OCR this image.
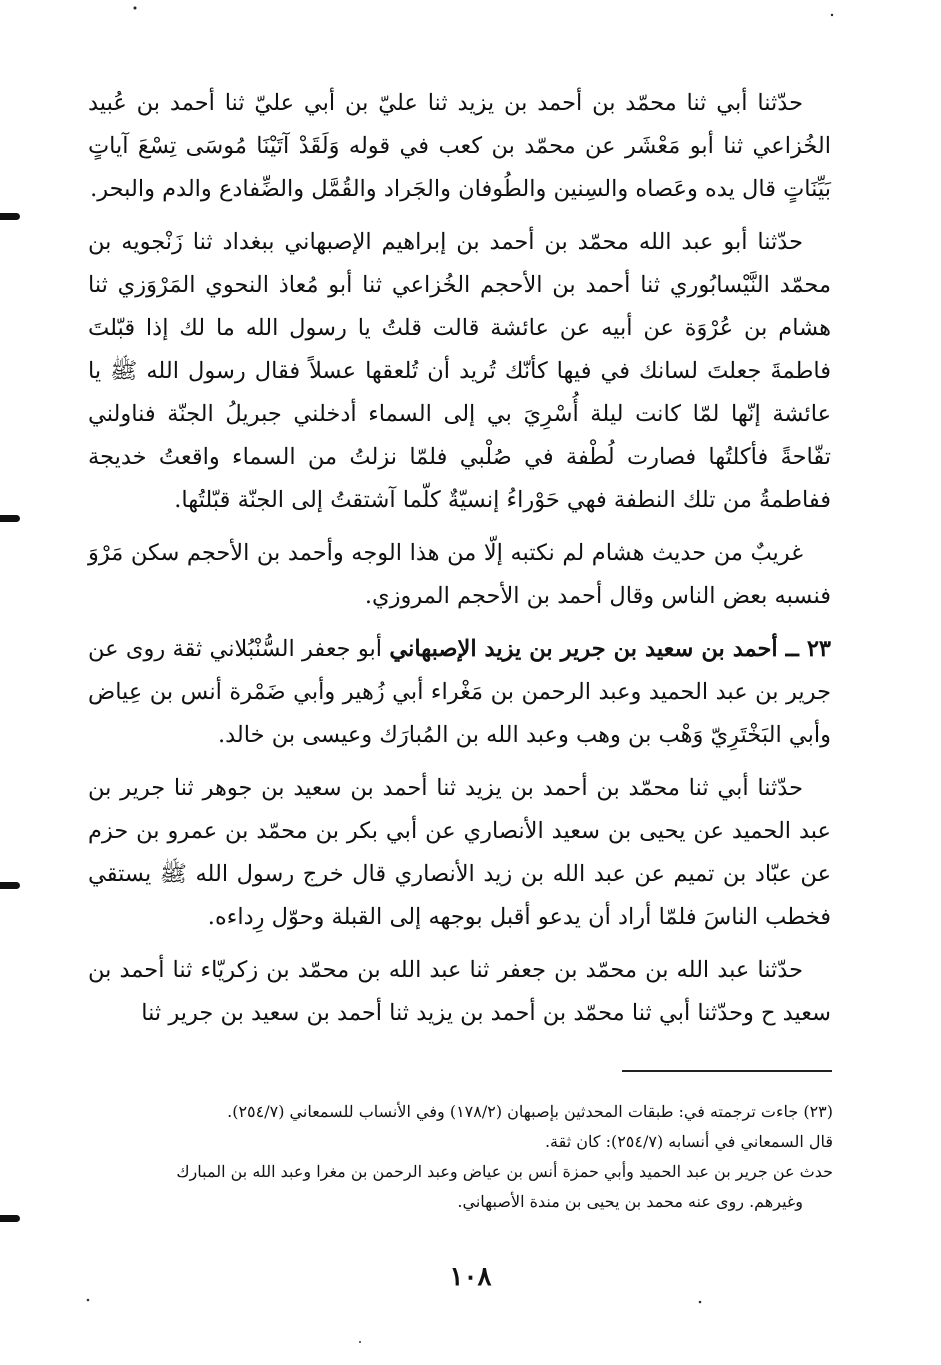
حدّثنا أبي ثنا محمّد بن أحمد بن يزيد ثنا عليّ بن أبي عليّ ثنا أحمد بن عُبيد الخُزاعي ثنا أبو مَعْشَر عن محمّد بن كعب في قوله وَلَقَدْ آتَيْنَا مُوسَى تِسْعَ آياتٍ بَيِّنَاتٍ قال يده وعَصاه والسِنين والطُوفان والجَراد والقُمَّل والضِّفادع والدم والبحر.

حدّثنا أبو عبد الله محمّد بن أحمد بن إبراهيم الإصبهاني ببغداد ثنا زَنْجويه بن محمّد النَّيْسابُوري ثنا أحمد بن الأحجم الخُزاعي ثنا أبو مُعاذ النحوي المَرْوَزي ثنا هشام بن عُرْوَة عن أبيه عن عائشة قالت قلتُ يا رسول الله ما لك إذا قبّلتَ فاطمةَ جعلتَ لسانك في فيها كأنّك تُريد أن تُلعقها عسلاً فقال رسول الله ﷺ يا عائشة إنّها لمّا كانت ليلة أُسْرِيَ بي إلى السماء أدخلني جبريلُ الجنّة فناولني تفّاحةً فأكلتُها فصارت لُطْفة في صُلْبي فلمّا نزلتُ من السماء واقعتُ خديجة ففاطمةُ من تلك النطفة فهي حَوْراءُ إنسيّةٌ كلّما آشتقتُ إلى الجنّة قبّلتُها.

غريبٌ من حديث هشام لم نكتبه إلّا من هذا الوجه وأحمد بن الأحجم سكن مَرْوَ فنسبه بعض الناس وقال أحمد بن الأحجم المروزي.

٢٣ ــ أحمد بن سعيد بن جرير بن يزيد الإصبهاني أبو جعفر السُّنْبُلاني ثقة روى عن جرير بن عبد الحميد وعبد الرحمن بن مَغْراء أبي زُهير وأبي ضَمْرة أنس بن عِياض وأبي البَخْتَرِيّ وَهْب بن وهب وعبد الله بن المُبارَك وعيسى بن خالد.

حدّثنا أبي ثنا محمّد بن أحمد بن يزيد ثنا أحمد بن سعيد بن جوهر ثنا جرير بن عبد الحميد عن يحيى بن سعيد الأنصاري عن أبي بكر بن محمّد بن عمرو بن حزم عن عبّاد بن تميم عن عبد الله بن زيد الأنصاري قال خرج رسول الله ﷺ يستقي فخطب الناسَ فلمّا أراد أن يدعو أقبل بوجهه إلى القبلة وحوّل رِداءه.

حدّثنا عبد الله بن محمّد بن جعفر ثنا عبد الله بن محمّد بن زكريّاء ثنا أحمد بن سعيد ح وحدّثنا أبي ثنا محمّد بن أحمد بن يزيد ثنا أحمد بن سعيد بن جرير ثنا

(٢٣) جاءت ترجمته في: طبقات المحدثين بإصبهان (١٧٨/٢) وفي الأنساب للسمعاني (٢٥٤/٧).

قال السمعاني في أنسابه (٢٥٤/٧): كان ثقة.

حدث عن جرير بن عبد الحميد وأبي حمزة أنس بن عياض وعبد الرحمن بن مغرا وعبد الله بن المبارك

وغيرهم. روى عنه محمد بن يحيى بن مندة الأصبهاني.

١٠٨
